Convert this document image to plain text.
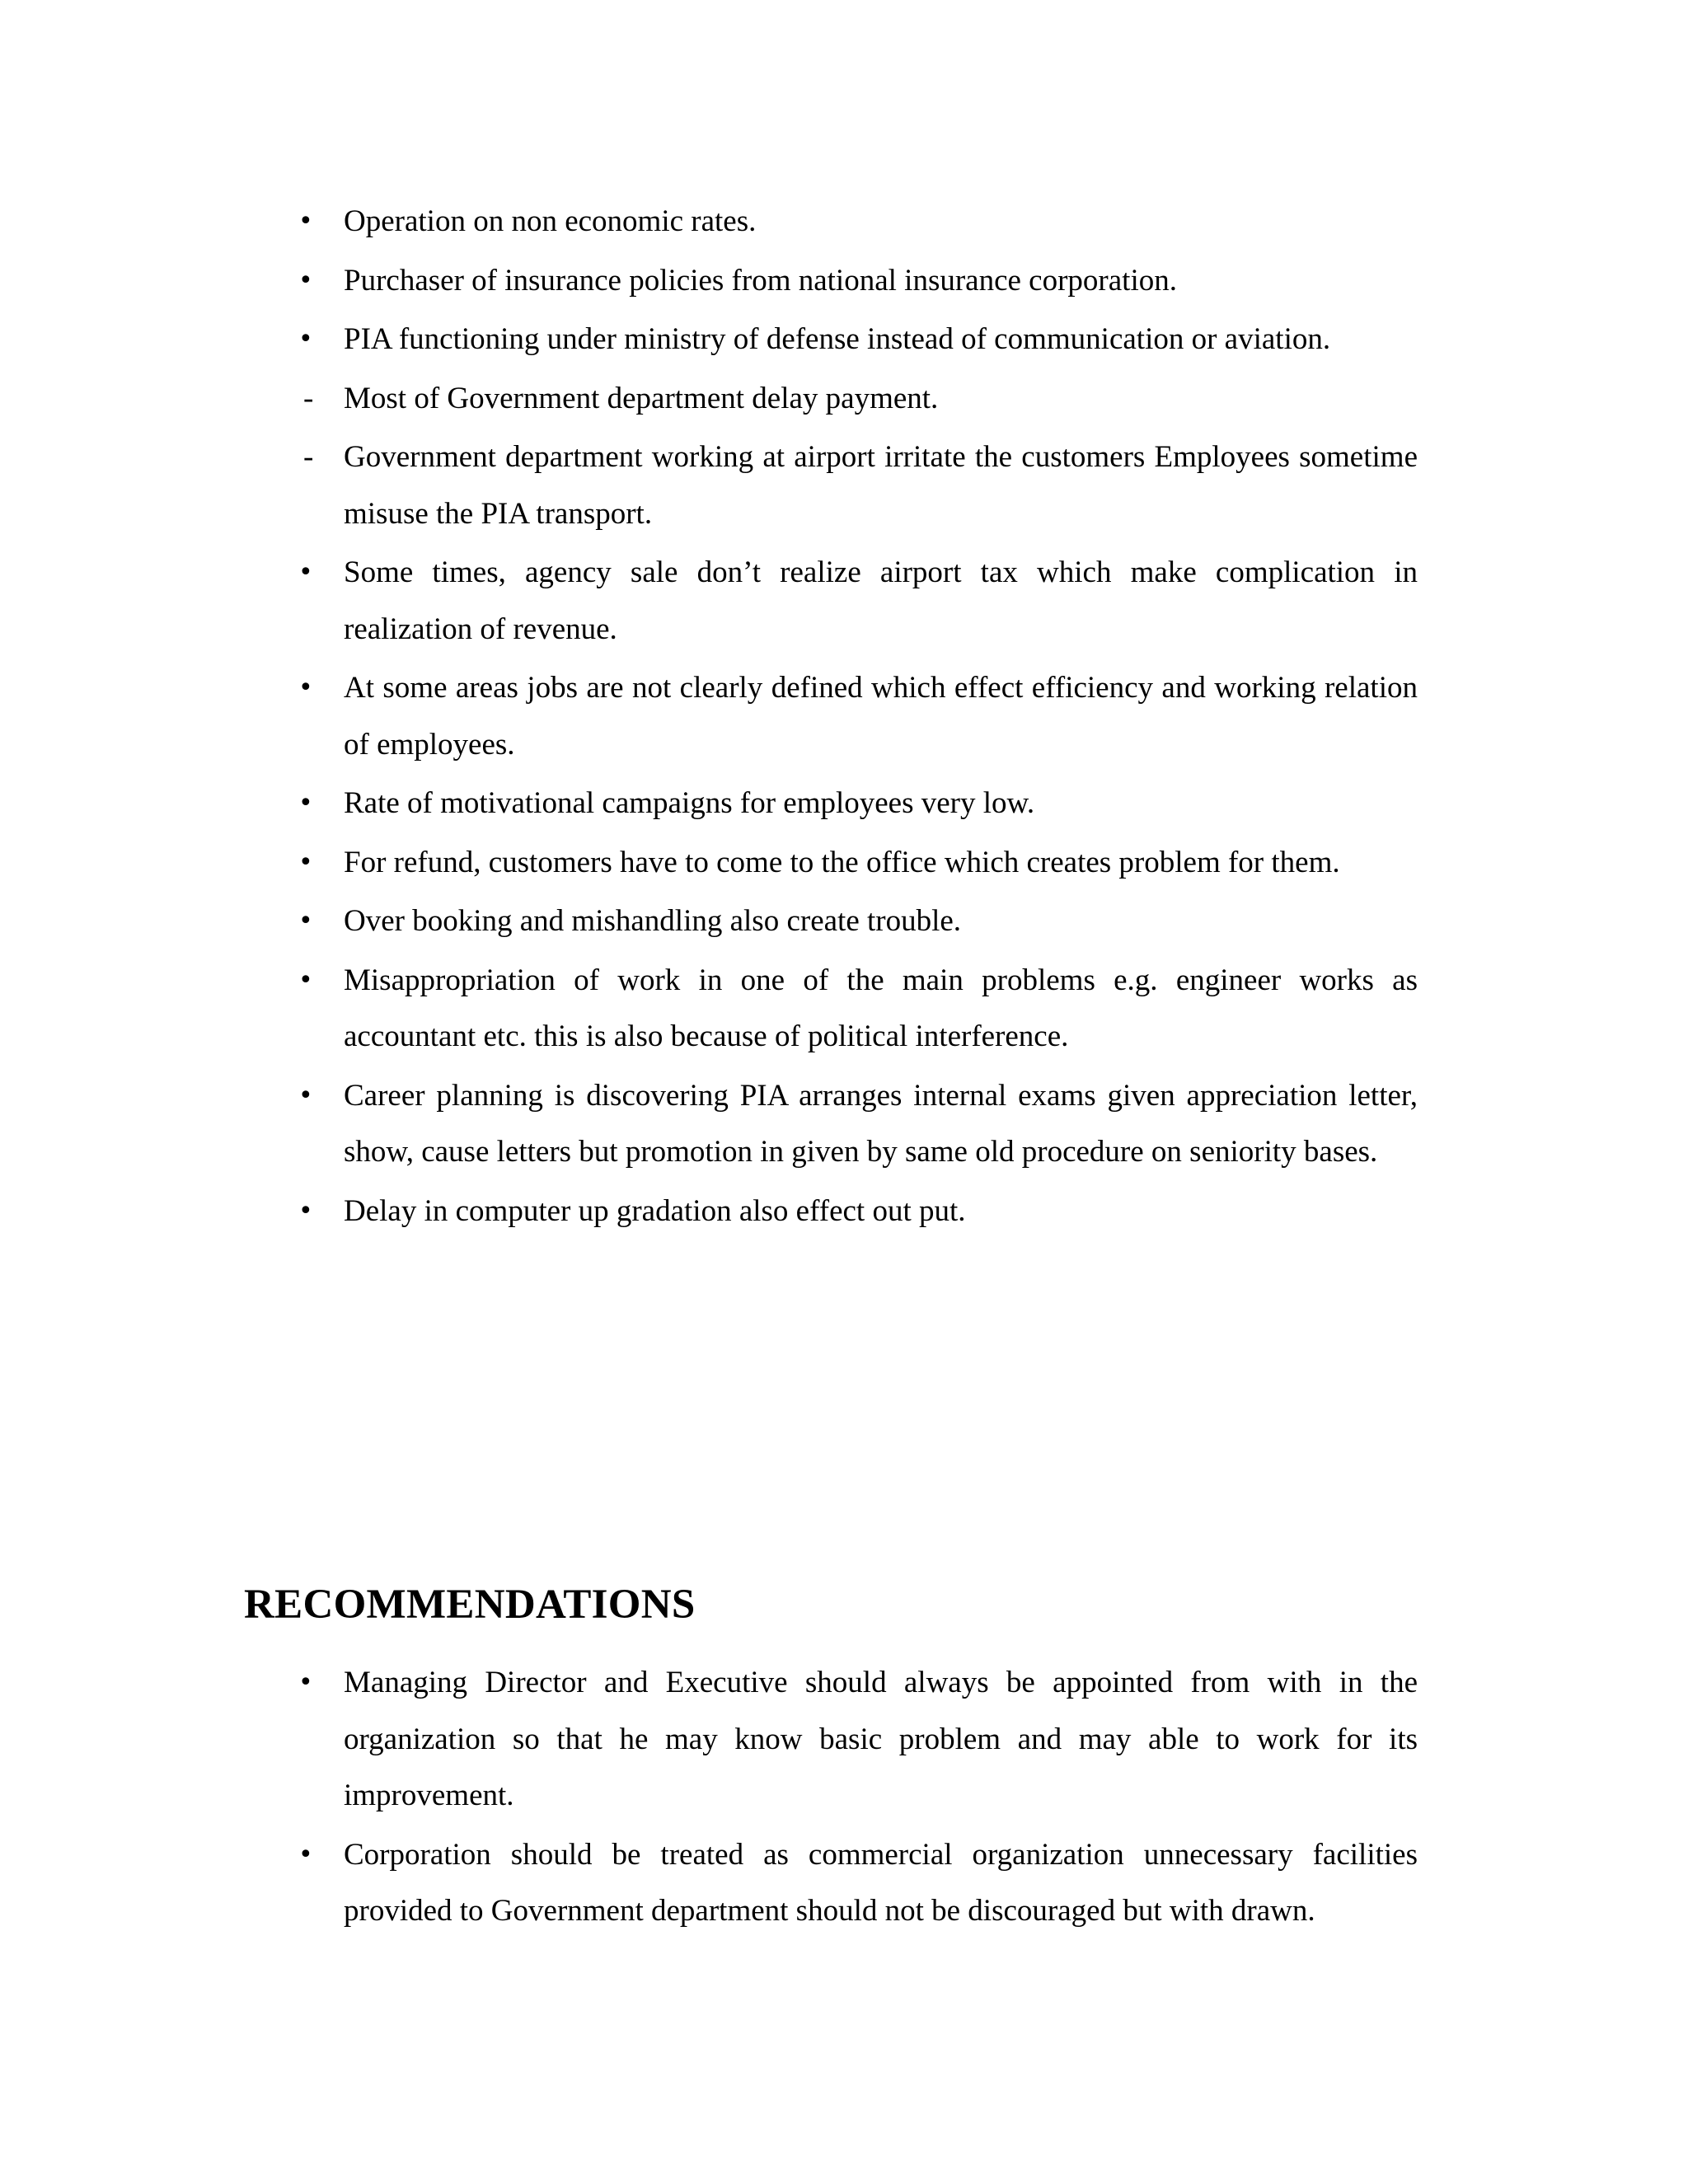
•	Operation on non economic rates.
•	Purchaser of insurance policies from national insurance corporation.
•	PIA functioning under ministry of defense instead of communication or aviation.
- Most of Government department delay payment.
- Government department working at airport irritate the customers Employees sometime misuse the PIA transport.
•	Some times, agency sale don’t realize airport tax which make complication in realization of revenue.
•	At some areas jobs are not clearly defined which effect efficiency and working relation of employees.
•	Rate of motivational campaigns for employees very low.
•	For refund, customers have to come to the office which creates problem for them.
•	Over booking and mishandling also create trouble.
•	Misappropriation of work in one of the main problems e.g. engineer works as accountant etc. this is also because of political interference.
•	Career planning is discovering PIA arranges internal exams given appreciation letter, show, cause letters but promotion in given by same old procedure on seniority bases.
•	Delay in computer up gradation also effect out put.
RECOMMENDATIONS
•	Managing Director and Executive should always be appointed from with in the organization so that he may know basic problem and may able to work for its improvement.
•	Corporation should be treated as commercial organization unnecessary facilities provided to Government department should not be discouraged but with drawn.
